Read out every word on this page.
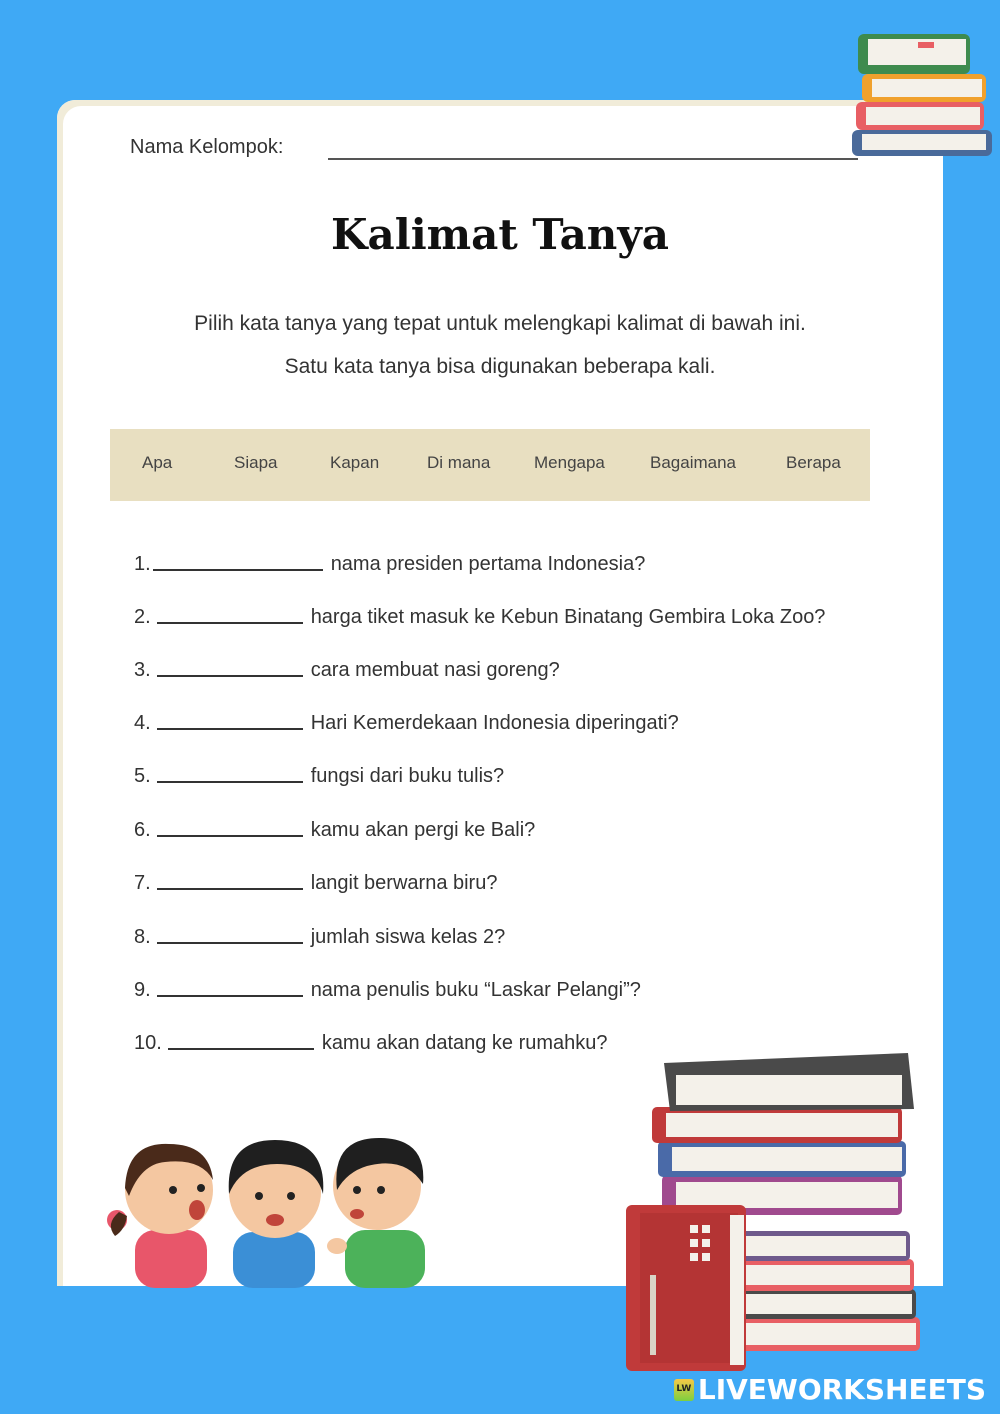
Nama Kelompok:
Kalimat Tanya
Pilih kata tanya yang tepat untuk melengkapi kalimat di bawah ini.
Satu kata tanya bisa digunakan beberapa kali.
Apa	Siapa	Kapan	Di mana	Mengapa	Bagaimana	Berapa
1.	nama presiden pertama Indonesia?
2.	harga tiket masuk ke Kebun Binatang Gembira Loka Zoo?
3.	cara membuat nasi goreng?
4.	Hari Kemerdekaan Indonesia diperingati?
5.	fungsi dari buku tulis?
6.	kamu akan pergi ke Bali?
7.	langit berwarna biru?
8.	jumlah siswa kelas 2?
9.	nama penulis buku “Laskar Pelangi”?
10.	kamu akan datang ke rumahku?
LW LIVEWORKSHEETS
